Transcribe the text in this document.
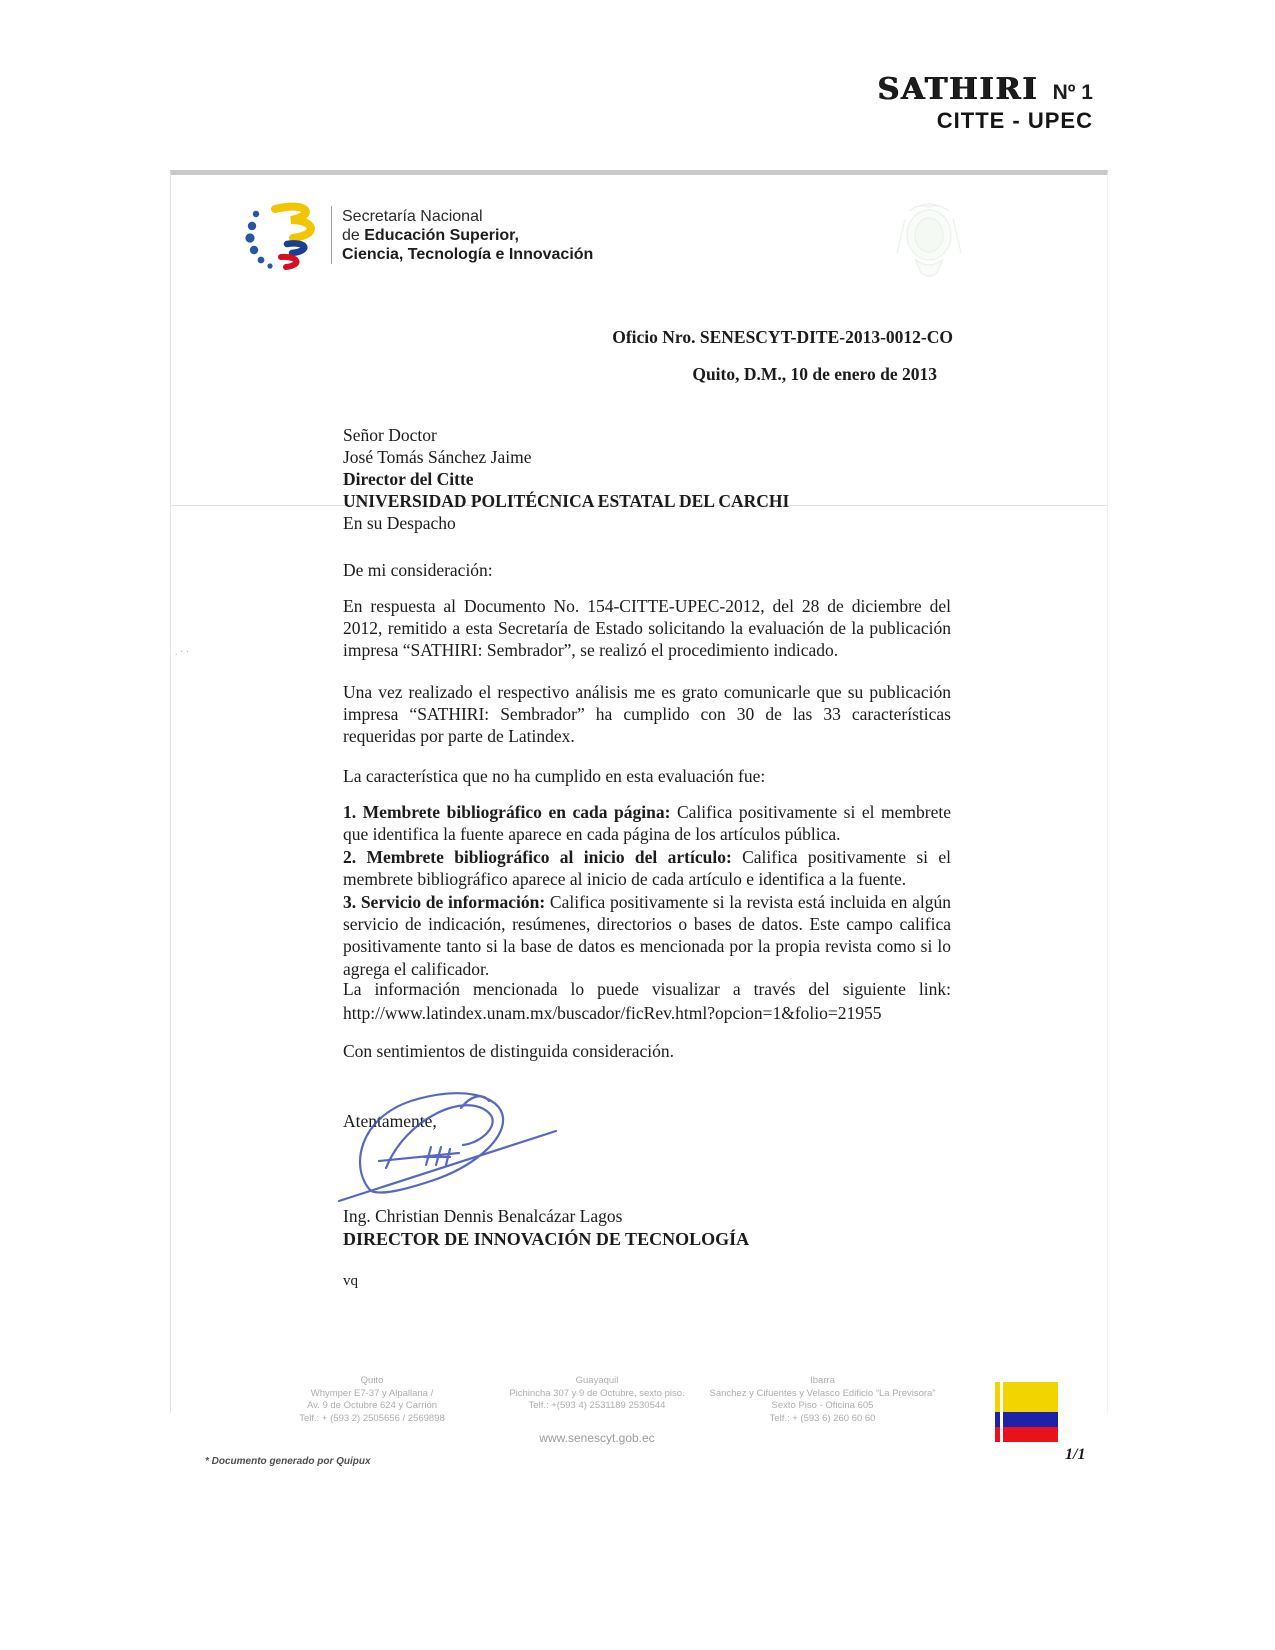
SATHIRI Nº 1
CITTE - UPEC
. · ·
Secretaría Nacional
de Educación Superior,
Ciencia, Tecnología e Innovación
Oficio Nro. SENESCYT-DITE-2013-0012-CO
Quito, D.M., 10 de enero de 2013
Señor Doctor
José Tomás Sánchez Jaime
Director del Citte
UNIVERSIDAD POLITÉCNICA ESTATAL DEL CARCHI
En su Despacho
De mi consideración:
En respuesta al Documento No. 154-CITTE-UPEC-2012, del 28 de diciembre del 2012, remitido a esta Secretaría de Estado solicitando la evaluación de la publicación impresa “SATHIRI: Sembrador”, se realizó el procedimiento indicado.
Una vez realizado el respectivo análisis me es grato comunicarle que su publicación impresa “SATHIRI: Sembrador” ha cumplido con 30 de las 33 características requeridas por parte de Latindex.
La característica que no ha cumplido en esta evaluación fue:

1. Membrete bibliográfico en cada página: Califica positivamente si el membrete que identifica la fuente aparece en cada página de los artículos pública.

2. Membrete bibliográfico al inicio del artículo: Califica positivamente si el membrete bibliográfico aparece al inicio de cada artículo e identifica a la fuente.

3. Servicio de información: Califica positivamente si la revista está incluida en algún servicio de indicación, resúmenes, directorios o bases de datos. Este campo califica positivamente tanto si la base de datos es mencionada por la propia revista como si lo agrega el calificador.

La información mencionada lo puede visualizar a través del siguiente link:
http://www.latindex.unam.mx/buscador/ficRev.html?opcion=1&folio=21955
Con sentimientos de distinguida consideración.
Atentamente,
Ing. Christian Dennis Benalcázar Lagos
DIRECTOR DE INNOVACIÓN DE TECNOLOGÍA
vq
Quito
Whymper E7-37 y Alpallana /
Av. 9 de Octubre 624 y Carrión
Telf.: + (593 2) 2505656 / 2569898
Guayaquil
Pichincha 307 y 9 de Octubre, sexto piso.
Telf.: +(593 4) 2531189 2530544
Ibarra
Sánchez y Cifuentes y Velasco Edificio “La Previsora”
Sexto Piso - Oficina 605
Telf.: + (593 6) 260 60 60
www.senescyt.gob.ec
1/1
* Documento generado por Quipux
